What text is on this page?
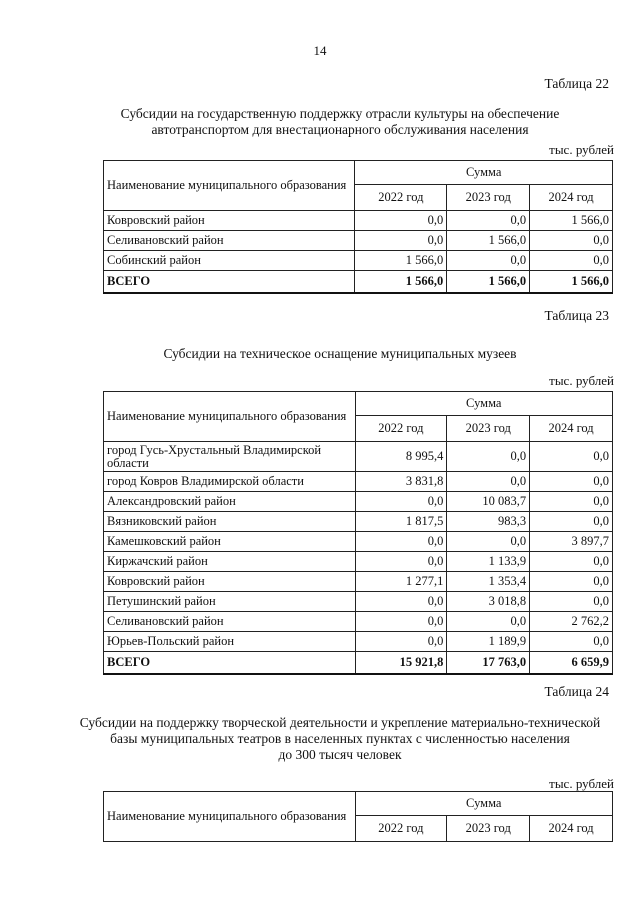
14
Таблица 22
Субсидии на государственную поддержку отрасли культуры на обеспечение
автотранспортом для внестационарного обслуживания населения
тыс. рублей
Наименование муниципального образования	Сумма		
	2022 год	2023 год	2024 год
Ковровский район	0,0	0,0	1 566,0
Селивановский район	0,0	1 566,0	0,0
Собинский район	1 566,0	0,0	0,0
ВСЕГО	1 566,0	1 566,0	1 566,0
Таблица 23
Субсидии на техническое оснащение муниципальных музеев
тыс. рублей
Наименование муниципального образования	Сумма		
	2022 год	2023 год	2024 год
город Гусь-Хрустальный Владимирской области	8 995,4	0,0	0,0
город Ковров Владимирской области	3 831,8	0,0	0,0
Александровский район	0,0	10 083,7	0,0
Вязниковский район	1 817,5	983,3	0,0
Камешковский район	0,0	0,0	3 897,7
Киржачский район	0,0	1 133,9	0,0
Ковровский район	1 277,1	1 353,4	0,0
Петушинский район	0,0	3 018,8	0,0
Селивановский район	0,0	0,0	2 762,2
Юрьев-Польский район	0,0	1 189,9	0,0
ВСЕГО	15 921,8	17 763,0	6 659,9
Таблица 24
Субсидии на поддержку творческой деятельности и укрепление материально-технической
базы муниципальных театров в населенных пунктах с численностью населения
до 300 тысяч человек
тыс. рублей
Наименование муниципального образования	Сумма		
	2022 год	2023 год	2024 год
